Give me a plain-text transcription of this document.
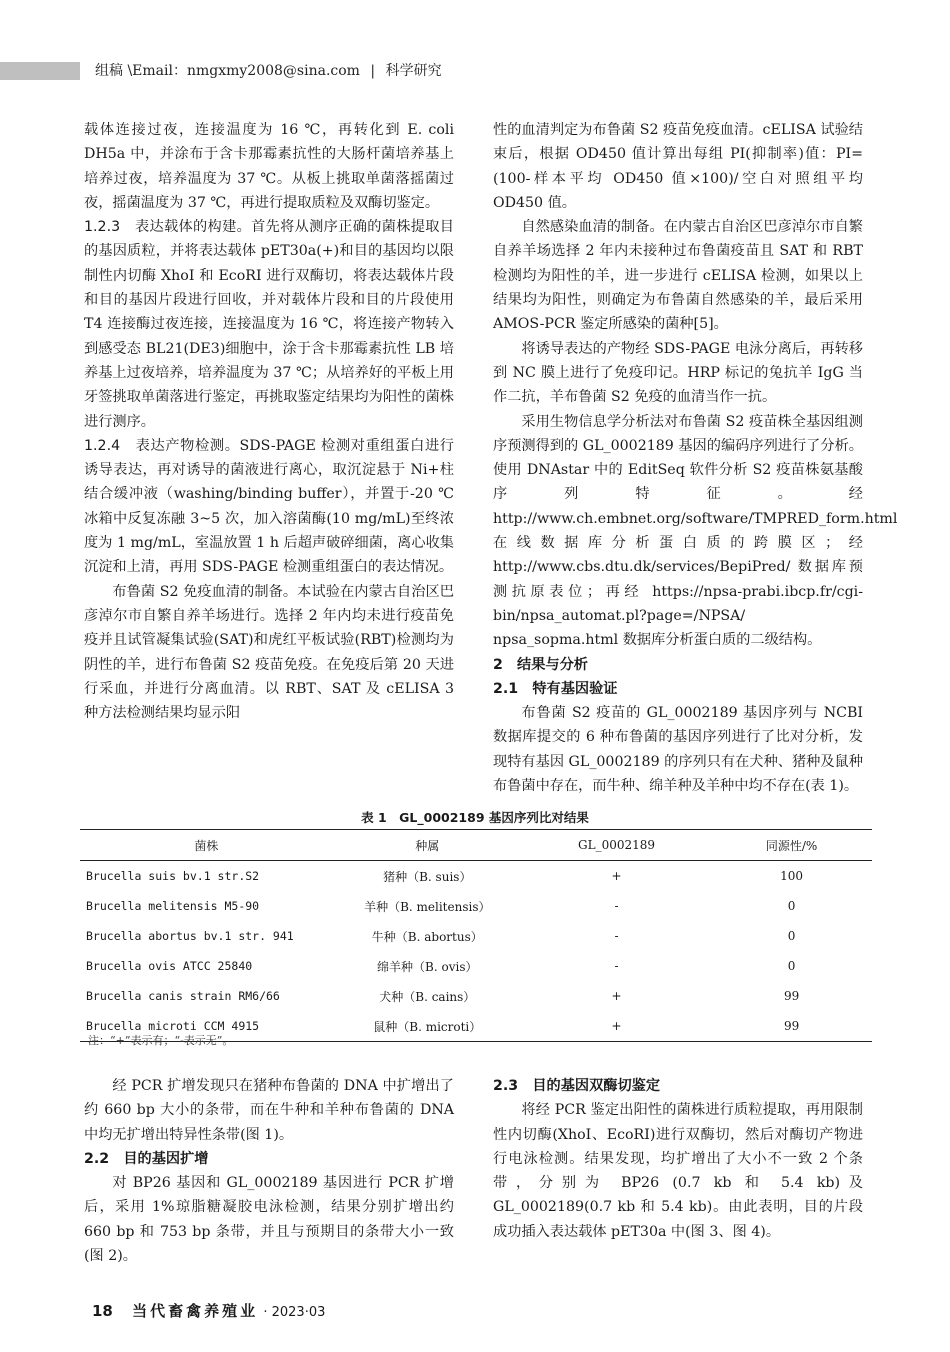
组稿 \Email：nmgxmy2008@sina.com | 科学研究

载体连接过夜，连接温度为 16 ℃，再转化到 E. coli DH5a 中，并涂布于含卡那霉素抗性的大肠杆菌培养基上培养过夜，培养温度为 37 ℃。从板上挑取单菌落摇菌过夜，摇菌温度为 37 ℃，再进行提取质粒及双酶切鉴定。

1.2.3　 表达载体的构建。首先将从测序正确的菌株提取目的基因质粒，并将表达载体 pET30a(+)和目的基因均以限制性内切酶 XhoI 和 EcoRI 进行双酶切，将表达载体片段和目的基因片段进行回收，并对载体片段和目的片段使用 T4 连接酶过夜连接，连接温度为 16 ℃，将连接产物转入到感受态 BL21(DE3)细胞中，涂于含卡那霉素抗性 LB 培养基上过夜培养，培养温度为 37 ℃；从培养好的平板上用牙签挑取单菌落进行鉴定，再挑取鉴定结果均为阳性的菌株进行测序。

1.2.4　 表达产物检测。SDS-PAGE 检测对重组蛋白进行诱导表达，再对诱导的菌液进行离心，取沉淀悬于 Ni+柱结合缓冲液（washing/binding buffer），并置于-20 ℃冰箱中反复冻融 3~5 次，加入溶菌酶(10 mg/mL)至终浓度为 1 mg/mL，室温放置 1 h 后超声破碎细菌，离心收集沉淀和上清，再用 SDS-PAGE 检测重组蛋白的表达情况。

布鲁菌 S2 免疫血清的制备。本试验在内蒙古自治区巴彦淖尔市自繁自养羊场进行。选择 2 年内均未进行疫苗免疫并且试管凝集试验(SAT)和虎红平板试验(RBT)检测均为阴性的羊，进行布鲁菌 S2 疫苗免疫。在免疫后第 20 天进行采血，并进行分离血清。以 RBT、SAT 及 cELISA 3 种方法检测结果均显示阳

性的血清判定为布鲁菌 S2 疫苗免疫血清。cELISA 试验结束后，根据 OD450 值计算出每组 PI(抑制率)值：PI=(100-样本平均 OD450 值×100)/空白对照组平均 OD450 值。

自然感染血清的制备。在内蒙古自治区巴彦淖尔市自繁自养羊场选择 2 年内未接种过布鲁菌疫苗且 SAT 和 RBT 检测均为阳性的羊，进一步进行 cELISA 检测，如果以上结果均为阳性，则确定为布鲁菌自然感染的羊，最后采用 AMOS-PCR 鉴定所感染的菌种[5]。

将诱导表达的产物经 SDS-PAGE 电泳分离后，再转移到 NC 膜上进行了免疫印记。HRP 标记的兔抗羊 IgG 当作二抗，羊布鲁菌 S2 免疫的血清当作一抗。

采用生物信息学分析法对布鲁菌 S2 疫苗株全基因组测序预测得到的 GL_0002189 基因的编码序列进行了分析。使用 DNAstar 中的 EditSeq 软件分析 S2 疫苗株氨基酸序列特征。经 http://www.ch.embnet.org/software/TMPRED_form.html 在线数据库分析蛋白质的跨膜区；经 http://www.cbs.dtu.dk/services/BepiPred/ 数据库预测抗原表位；再经 https://npsa-prabi.ibcp.fr/cgi-bin/npsa_automat.pl?page=/NPSA/ npsa_sopma.html 数据库分析蛋白质的二级结构。

2　结果与分析

2.1　特有基因验证

布鲁菌 S2 疫苗的 GL_0002189 基因序列与 NCBI 数据库提交的 6 种布鲁菌的基因序列进行了比对分析，发现特有基因 GL_0002189 的序列只有在犬种、猪种及鼠种布鲁菌中存在，而牛种、绵羊种及羊种中均不存在(表 1)。

表 1　GL_0002189 基因序列比对结果
菌株	种属	GL_0002189	同源性/%
Brucella suis bv.1 str.S2	猪种（B. suis）	+	100
Brucella melitensis M5-90	羊种（B. melitensis）	-	0
Brucella abortus bv.1 str. 941	牛种（B. abortus）	-	0
Brucella ovis ATCC 25840	绵羊种（B. ovis）	-	0
Brucella canis strain RM6/66	犬种（B. cains）	+	99
Brucella microti CCM 4915	鼠种（B. microti）	+	99
注：“+”表示有；“-表示无”。

经 PCR 扩增发现只在猪种布鲁菌的 DNA 中扩增出了约 660 bp 大小的条带，而在牛种和羊种布鲁菌的 DNA 中均无扩增出特异性条带(图 1)。

2.2　目的基因扩增

对 BP26 基因和 GL_0002189 基因进行 PCR 扩增后，采用 1%琼脂糖凝胶电泳检测，结果分别扩增出约 660 bp 和 753 bp 条带，并且与预期目的条带大小一致(图 2)。

2.3　目的基因双酶切鉴定

将经 PCR 鉴定出阳性的菌株进行质粒提取，再用限制性内切酶(XhoI、EcoRI)进行双酶切，然后对酶切产物进行电泳检测。结果发现，均扩增出了大小不一致 2 个条带，分别为 BP26 (0.7 kb 和 5.4 kb)及 GL_0002189(0.7 kb 和 5.4 kb)。由此表明，目的片段成功插入表达载体 pET30a 中(图 3、图 4)。

18 当代畜禽养殖业 · 2023·03
